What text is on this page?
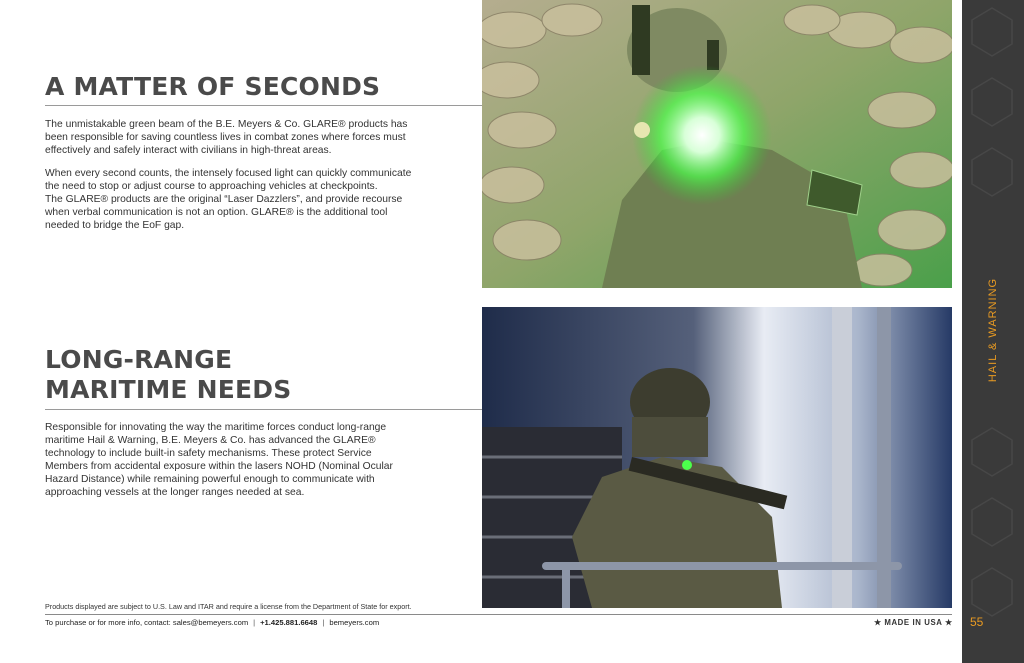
A MATTER OF SECONDS

The unmistakable green beam of the B.E. Meyers & Co. GLARE® products has
been responsible for saving countless lives in combat zones where forces must
effectively and safely interact with civilians in high-threat areas.

When every second counts, the intensely focused light can quickly communicate
the need to stop or adjust course to approaching vehicles at checkpoints.
The GLARE® products are the original “Laser Dazzlers”, and provide recourse
when verbal communication is not an option. GLARE® is the additional tool
needed to bridge the EoF gap.

LONG-RANGE
MARITIME NEEDS

Responsible for innovating the way the maritime forces conduct long-range
maritime Hail & Warning, B.E. Meyers & Co. has advanced the GLARE®
technology to include built-in safety mechanisms. These protect Service
Members from accidental exposure within the lasers NOHD (Nominal Ocular
Hazard Distance) while remaining powerful enough to communicate with
approaching vessels at the longer ranges needed at sea.

HAIL & WARNING
55
Products displayed are subject to U.S. Law and ITAR and require a license from the Department of State for export.
To purchase or for more info, contact: sales@bemeyers.com | +1.425.881.6648 | bemeyers.com	★ MADE IN USA ★
